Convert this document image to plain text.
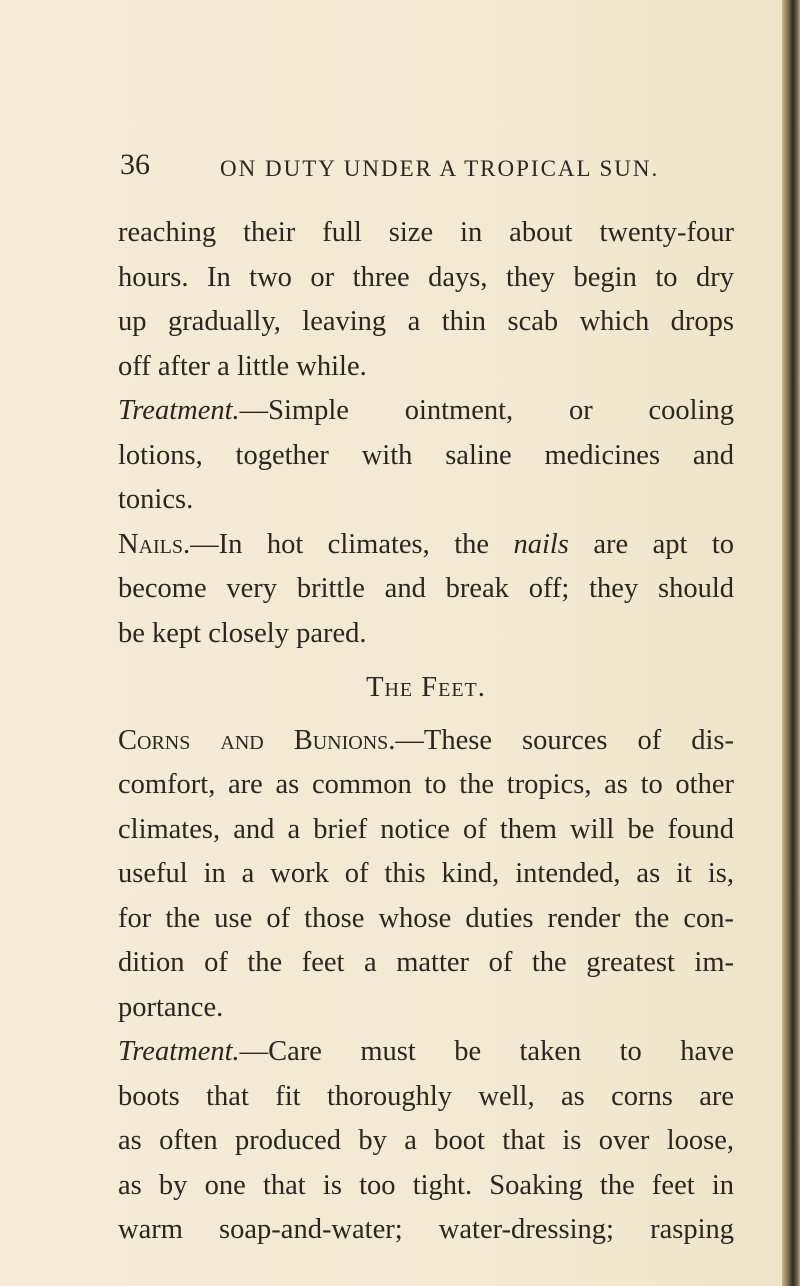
36	ON DUTY UNDER A TROPICAL SUN.
reaching their full size in about twenty-four
hours. In two or three days, they begin to dry
up gradually, leaving a thin scab which drops
off after a little while.
Treatment.—Simple ointment, or cooling
lotions, together with saline medicines and
tonics.
Nails.—In hot climates, the nails are apt to
become very brittle and break off; they should
be kept closely pared.
The Feet.
Corns and Bunions.—These sources of dis-
comfort, are as common to the tropics, as to other
climates, and a brief notice of them will be found
useful in a work of this kind, intended, as it is,
for the use of those whose duties render the con-
dition of the feet a matter of the greatest im-
portance.
Treatment.—Care must be taken to have
boots that fit thoroughly well, as corns are
as often produced by a boot that is over loose,
as by one that is too tight. Soaking the feet in
warm soap-and-water; water-dressing; rasping
